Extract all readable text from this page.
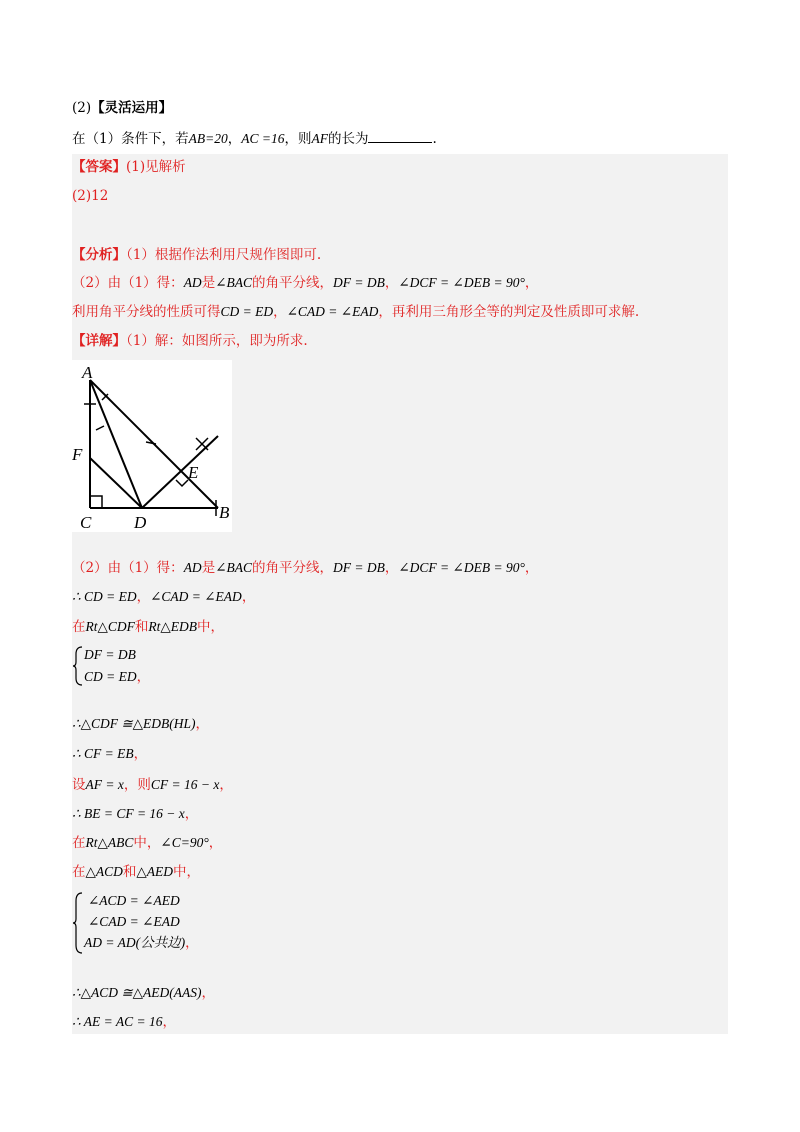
(2)【灵活运用】
在（1）条件下，若AB=20，AC =16，则AF的长为	.
【答案】(1)见解析
(2)12
【分析】（1）根据作法利用尺规作图即可.
（2）由（1）得：AD是∠BAC的角平分线，DF = DB，∠DCF = ∠DEB = 90°，
利用角平分线的性质可得CD = ED，∠CAD = ∠EAD，再利用三角形全等的判定及性质即可求解.
【详解】（1）解：如图所示，即为所求.
A
F
C	D
E
B
（2）由（1）得：AD是∠BAC的角平分线，DF = DB，∠DCF = ∠DEB = 90°，
∴ CD = ED，∠CAD = ∠EAD，
在Rt△CDF和Rt△EDB中，
DF = DB
CD = ED，
∴△CDF ≅△EDB(HL)，
∴ CF = EB，
设AF = x，则CF = 16 − x，
∴ BE = CF = 16 − x，
在Rt△ABC中，∠C=90°，
在△ACD和△AED中，
∠ACD = ∠AED
∠CAD = ∠EAD
AD = AD(公共边)，
∴△ACD ≅△AED(AAS)，
∴ AE = AC = 16，
